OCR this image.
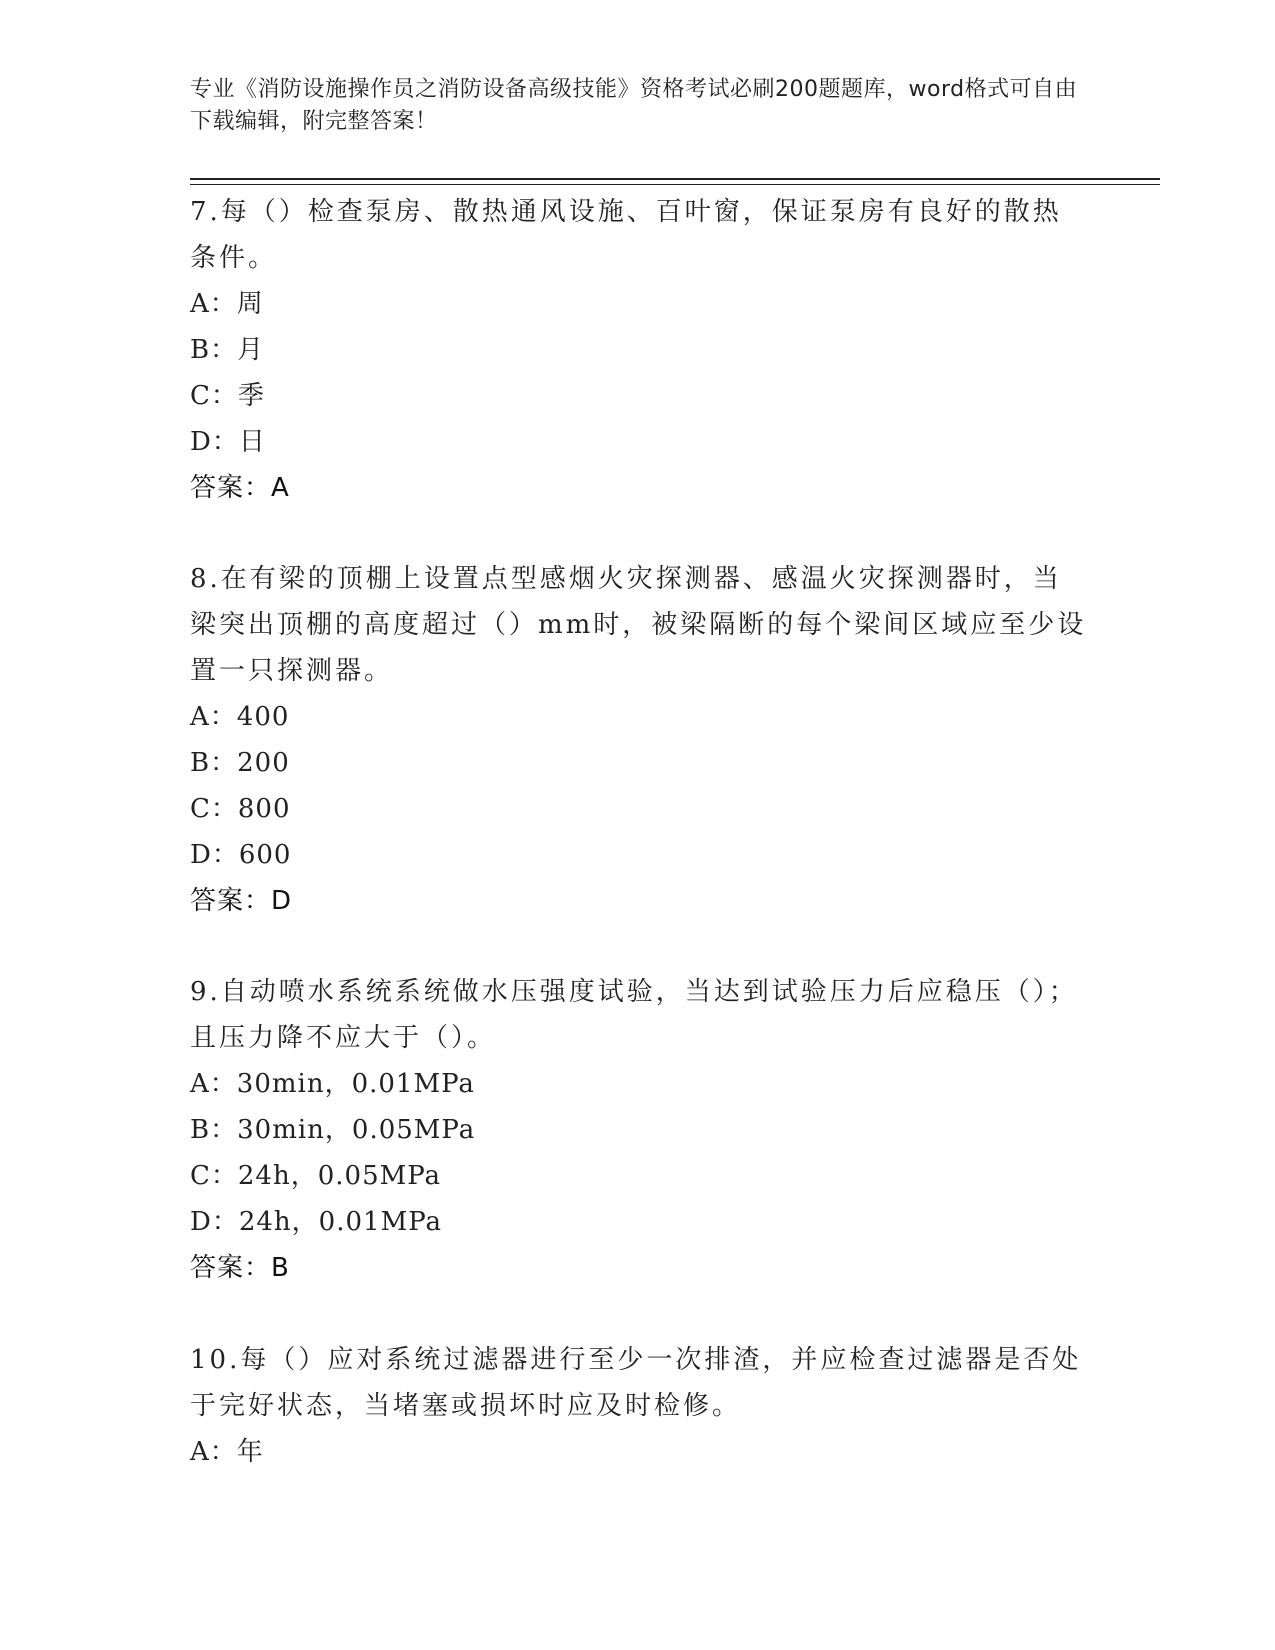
专业《消防设施操作员之消防设备高级技能》资格考试必刷200题题库，word格式可自由下载编辑，附完整答案！

7.每（）检查泵房、散热通风设施、百叶窗，保证泵房有良好的散热条件。

A：周

B：月

C：季

D：日

答案：A

8.在有梁的顶棚上设置点型感烟火灾探测器、感温火灾探测器时，当梁突出顶棚的高度超过（）mm时，被梁隔断的每个梁间区域应至少设置一只探测器。

A：400

B：200

C：800

D：600

答案：D

9.自动喷水系统系统做水压强度试验，当达到试验压力后应稳压（）；且压力降不应大于（）。

A：30min，0.01MPa

B：30min，0.05MPa

C：24h，0.05MPa

D：24h，0.01MPa

答案：B

10.每（）应对系统过滤器进行至少一次排渣，并应检查过滤器是否处于完好状态，当堵塞或损坏时应及时检修。

A：年
